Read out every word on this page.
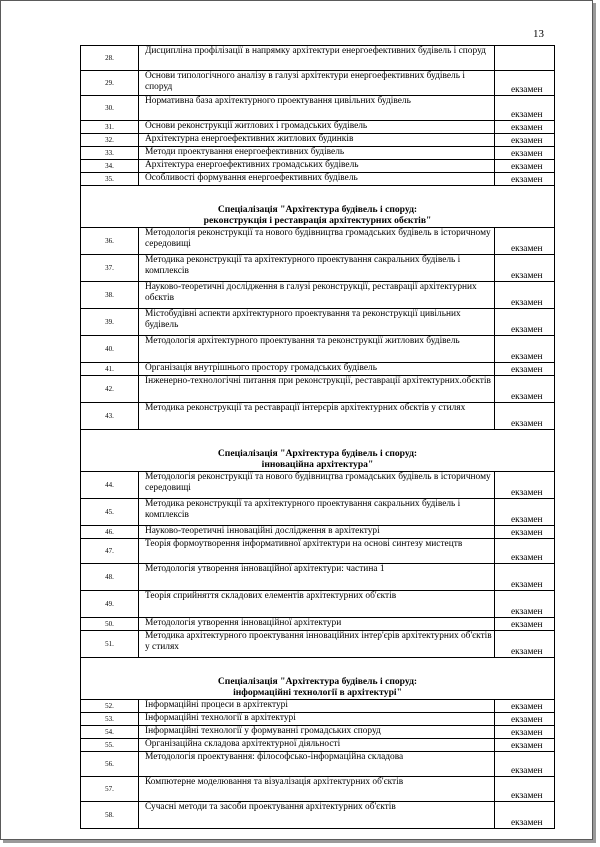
13
28.	Дисципліна профілізації в напрямку архітектури енергоефективних будівель і споруд	
29.	Основи типологічного аналізу в галузі архітектури енергоефективних будівель і споруд	екзамен
30.	Нормативна база архітектурного проектування цивільних будівель	екзамен
31.	Основи реконструкції житлових і громадських будівель	екзамен
32.	Архітектурна енергоефективних житлових будинків	екзамен
33.	Методи проектування енергоефективних будівель	екзамен
34.	Архітектура енергоефективних громадських будівель	екзамен
35.	Особливості формування енергоефективних будівель	екзамен

Спеціалізація "Архітектура будівель і споруд:
реконструкція і реставрація архітектурних обєктів"		

36.	Методологія реконструкції та нового будівництва громадських будівель в історичному середовищі	екзамен
37.	Методика реконструкції та архітектурного проектування сакральних будівель і комплексів	екзамен
38.	Науково-теоретичні дослідження в галузі реконструкції, реставрації архітектурних обєктів	екзамен
39.	Містобудівні аспекти архітектурного проектування та реконструкції цивільних будівель	екзамен
40.	Методологія архітектурного проектування та реконструкції житлових будівель	екзамен
41.	Організація внутрішнього простору громадських будівель	екзамен
42.	Інженерно-технологічні питання при реконструкції, реставрації архітектурних.обєктів	екзамен
43.	Методика реконструкції та реставрації інтерєрів архітектурних обєктів у стилях	екзамен

Спеціалізація "Архітектура будівель і споруд:
інноваційна архітектура"		

44.	Методологія реконструкції та нового будівництва громадських будівель в історичному середовищі	екзамен
45.	Методика реконструкції та архітектурного проектування сакральних будівель і комплексів	екзамен
46.	Науково-теоретичні інноваційні дослідження в архітектурі	екзамен
47.	Теорія формоутворення інформативної архітектури на основі синтезу мистецтв	екзамен
48.	Методологія утворення інноваційної архітектури: частина 1	екзамен
49.	Теорія сприйняття складових елементів архітектурних об'єктів	екзамен
50.	Методологія утворення інноваційної архітектури	екзамен
51.	Методика архітектурного проектування інноваційних інтер'єрів архітектурних об'єктів у стилях	екзамен

Спеціалізація "Архітектура будівель і споруд:
інформаційні технології в архітектурі"		

52.	Інформаційні процеси в архітектурі	екзамен
53.	Інформаційні технології в архітектурі	екзамен
54.	Інформаційні технології у формуванні громадських споруд	екзамен
55.	Організаційна складова архітектурної діяльності	екзамен
56.	Методологія проектування: філософсько-інформаційна складова	екзамен
57.	Компютерне моделювання та візуалізація архітектурних об'єктів	екзамен
58.	Сучасні методи та засоби проектування архітектурних об'єктів	екзамен
